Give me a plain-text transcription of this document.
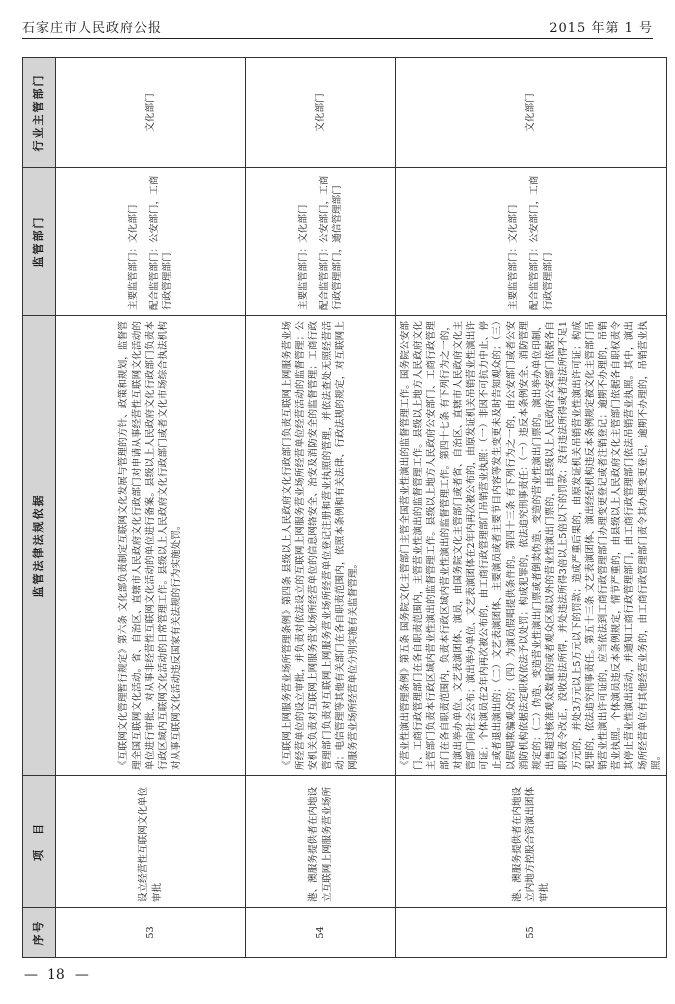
石家庄市人民政府公报	2015 年第 1 号
序号	项　目	监管法律法规依据	监管部门	行业主管部门
53	设立经营性互联网文化单位审批	《互联网文化管理暂行规定》第六条 文化部负责制定互联网文化发展与管理的方针、政策和规划，监督管理全国互联网文化活动。省、自治区、直辖市人民政府文化行政部门对申请从事经营性互联网文化活动的单位进行审批，对从事非经营性互联网文化活动的单位进行备案。县级以上人民政府文化行政部门负责本行政区域内互联网文化活动的日常管理工作。县级以上人民政府文化行政部门或者文化市场综合执法机构对从事互联网文化活动违反国家有关法规的行为实施处罚。	主要监管部门：文化部门 配合监管部门：公安部门，工商行政管理部门	文化部门
54	港、澳服务提供者在内地设立互联网上网服务营业场所	《互联网上网服务营业场所管理条例》第四条 县级以上人民政府文化行政部门负责互联网上网服务营业场所经营单位的设立审批，并负责对依法设立的互联网上网服务营业场所经营单位经营活动的监督管理；公安机关负责对互联网上网服务营业场所经营单位的信息网络安全、治安及消防安全的监督管理；工商行政管理部门负责对互联网上网服务营业场所经营单位登记注册和营业执照的管理，并依法查处无照经营活动；电信管理等其他有关部门在各自职责范围内，依照本条例和有关法律、行政法规的规定，对互联网上网服务营业场所经营单位分别实施有关监督管理。	主要监管部门：文化部门 配合监管部门：公安部门，工商行政管理部门，通信管理部门	文化部门
55	港、澳服务提供者在内地设立内地方控股合资演出团体审批	《营业性演出管理条例》第五条 国务院文化主管部门主管全国营业性演出的监督管理工作。国务院公安部门、工商行政管理部门在各自职责范围内，主管营业性演出的监督管理工作。县级以上地方人民政府文化主管部门负责本行政区域内营业性演出的监督管理工作。县级以上地方人民政府公安部门、工商行政管理部门在各自职责范围内，负责本行政区域内营业性演出的监督管理工作。第四十七条 有下列行为之一的，对演出举办单位、文艺表演团体、演员，由国务院文化主管部门或者省、自治区、直辖市人民政府文化主管部门向社会公布；演出举办单位、文艺表演团体在2年内再次被公布的，由原发证机关吊销营业性演出许可证；个体演员在2年内再次被公布的，由工商行政管理部门吊销营业执照：（一）非因不可抗力中止、停止或者退出演出的；（二）文艺表演团体、主要演员或者主要节目内容等发生变更未及时告知观众的；（三）以假唱欺骗观众的；（四）为演员假唱提供条件的。第四十三条 有下列行为之一的，由公安部门或者公安消防机构依据法定职权依法予以处罚；构成犯罪的，依法追究刑事责任：（一）违反本条例安全、消防管理规定的；（二）伪造、变造营业性演出门票或者倒卖伪造、变造的营业性演出门票的。演出举办单位印制、出售超过核准观众数量的或者观众区域以外的营业性演出门票的，由县级以上人民政府公安部门依据各自职权责令改正，没收违法所得，并处违法所得3倍以上5倍以下的罚款；没有违法所得或者违法所得不足1万元的，并处3万元以上5万元以下的罚款；造成严重后果的，由原发证机关吊销营业性演出许可证；构成犯罪的，依法追究刑事责任。第五十三条 文艺表演团体、演出经纪机构违反本条例规定被文化主管部门吊销营业性演出许可证的，应当依法到工商行政管理部门办理变更登记或者注销登记；逾期不办理的，吊销营业执照。个体演员违反本条例规定，情节严重的，由县级以上人民政府文化主管部门依据各自职权责令其停止营业性演出活动，并通知工商行政管理部门，由工商行政管理部门依法吊销营业执照。其中，演出场所经营单位有其他经营业务的，由工商行政管理部门责令其办理变更登记，逾期不办理的，吊销营业执照。	主要监管部门：文化部门 配合监管部门：公安部门，工商行政管理部门	文化部门
— 18 —
